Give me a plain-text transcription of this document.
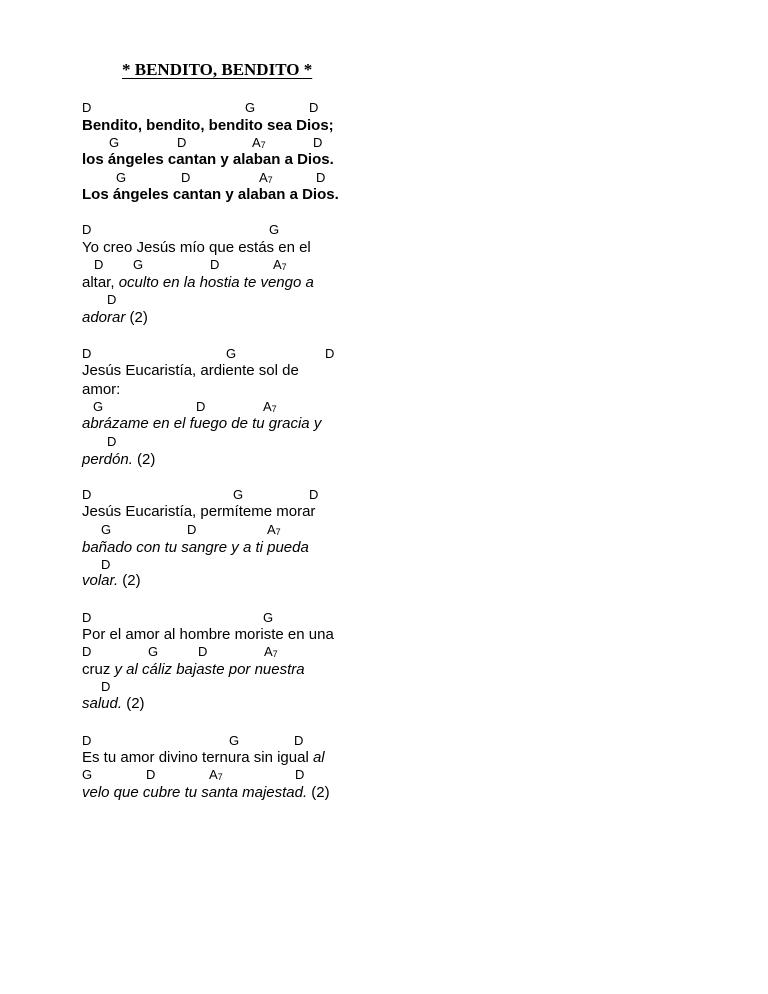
* BENDITO, BENDITO *
D	G	D
Bendito, bendito, bendito sea Dios;
G	D	$A_7$	D
los ángeles cantan y alaban a Dios.
G	D	$A_7$	D
Los ángeles cantan y alaban a Dios.
D	G
Yo creo Jesús mío que estás en el
D G	D	$A_7$
altar, oculto en la hostia te vengo a
D
adorar (2)
D	G	D
Jesús Eucaristía, ardiente sol de
amor:
G	D	$A_7$
abrázame en el fuego de tu gracia y
D
perdón. (2)
D	G	D
Jesús Eucaristía, permíteme morar
G	D	$A_7$
bañado con tu sangre y a ti pueda
D
volar. (2)
D	G
Por el amor al hombre moriste en una
D	G	D	$A_7$
cruz y al cáliz bajaste por nuestra
D
salud. (2)
D	G	D
Es tu amor divino ternura sin igual al
G	D	$A_7$	D
velo que cubre tu santa majestad. (2)
